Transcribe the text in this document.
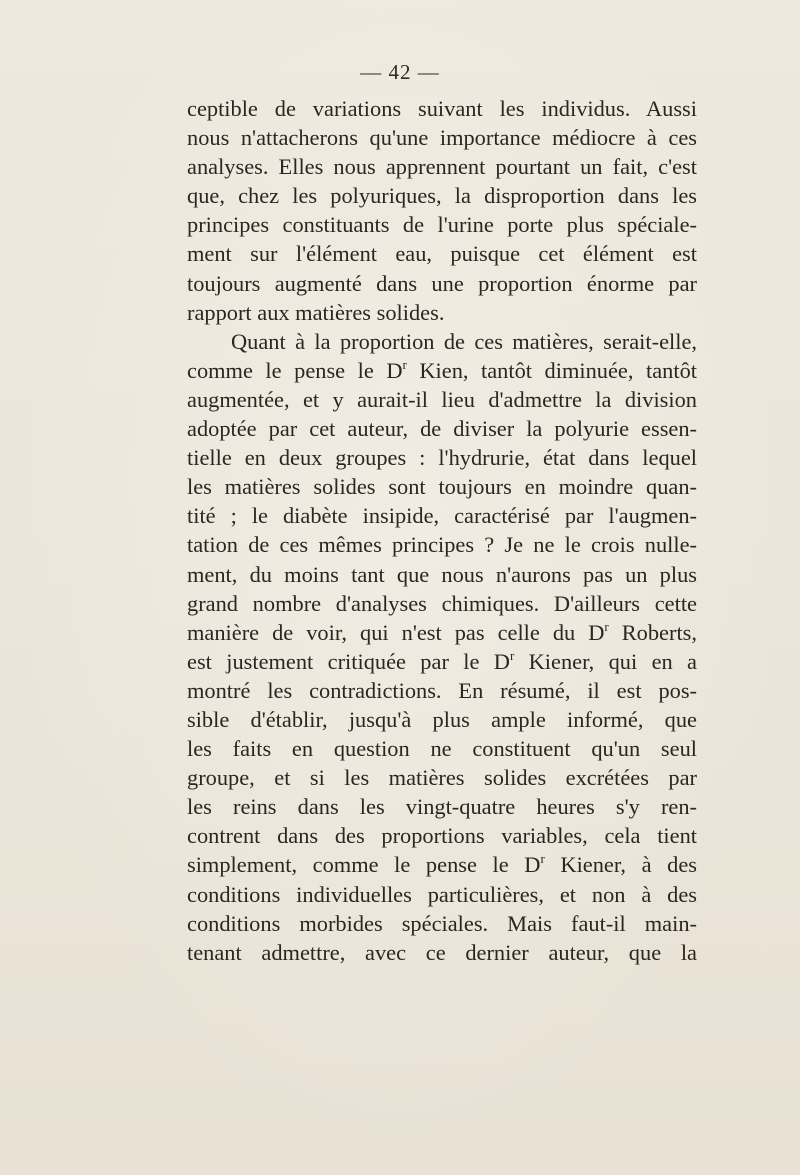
— 42 —
ceptible de variations suivant les individus. Aussi
nous n'attacherons qu'une importance médiocre à ces
analyses. Elles nous apprennent pourtant un fait, c'est
que, chez les polyuriques, la disproportion dans les
principes constituants de l'urine porte plus spéciale-
ment sur l'élément eau, puisque cet élément est
toujours augmenté dans une proportion énorme par
rapport aux matières solides.
Quant à la proportion de ces matières, serait-elle,
comme le pense le $D^r$ Kien, tantôt diminuée, tantôt
augmentée, et y aurait-il lieu d'admettre la division
adoptée par cet auteur, de diviser la polyurie essen-
tielle en deux groupes : l'hydrurie, état dans lequel
les matières solides sont toujours en moindre quan-
tité ; le diabète insipide, caractérisé par l'augmen-
tation de ces mêmes principes ? Je ne le crois nulle-
ment, du moins tant que nous n'aurons pas un plus
grand nombre d'analyses chimiques. D'ailleurs cette
manière de voir, qui n'est pas celle du $D^r$ Roberts,
est justement critiquée par le $D^r$ Kiener, qui en a
montré les contradictions. En résumé, il est pos-
sible d'établir, jusqu'à plus ample informé, que
les faits en question ne constituent qu'un seul
groupe, et si les matières solides excrétées par
les reins dans les vingt-quatre heures s'y ren-
contrent dans des proportions variables, cela tient
simplement, comme le pense le $D^r$ Kiener, à des
conditions individuelles particulières, et non à des
conditions morbides spéciales. Mais faut-il main-
tenant admettre, avec ce dernier auteur, que la
